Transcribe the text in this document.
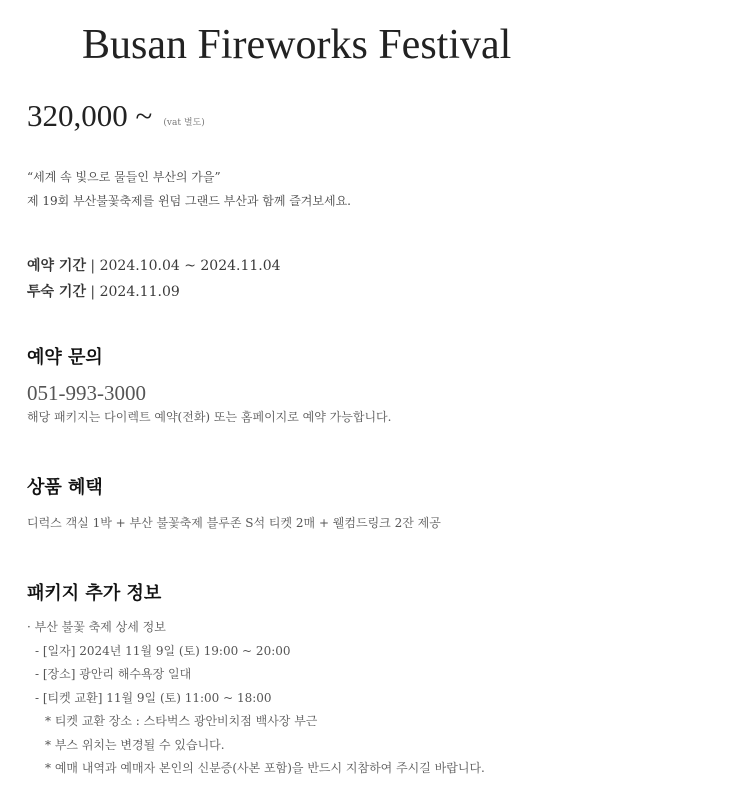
Busan Fireworks Festival
320,000 ~ (vat 별도)

“세계 속 빛으로 물들인 부산의 가을”

제 19회 부산불꽃축제를 윈덤 그랜드 부산과 함께 즐겨보세요.

예약 기간 | 2024.10.04 ~ 2024.11.04

투숙 기간 | 2024.11.09

예약 문의

051-993-3000

해당 패키지는 다이렉트 예약(전화) 또는 홈페이지로 예약 가능합니다.

상품 혜택

디럭스 객실 1박 + 부산 불꽃축제 블루존 S석 티켓 2매 + 웰컴드링크 2잔 제공

패키지 추가 정보
· 부산 불꽃 축제 상세 정보
- [일자] 2024년 11월 9일 (토) 19:00 ~ 20:00
- [장소] 광안리 해수욕장 일대
- [티켓 교환] 11월 9일 (토) 11:00 ~ 18:00
* 티켓 교환 장소 : 스타벅스 광안비치점 백사장 부근
* 부스 위치는 변경될 수 있습니다.
* 예매 내역과 예매자 본인의 신분증(사본 포함)을 반드시 지참하여 주시길 바랍니다.
